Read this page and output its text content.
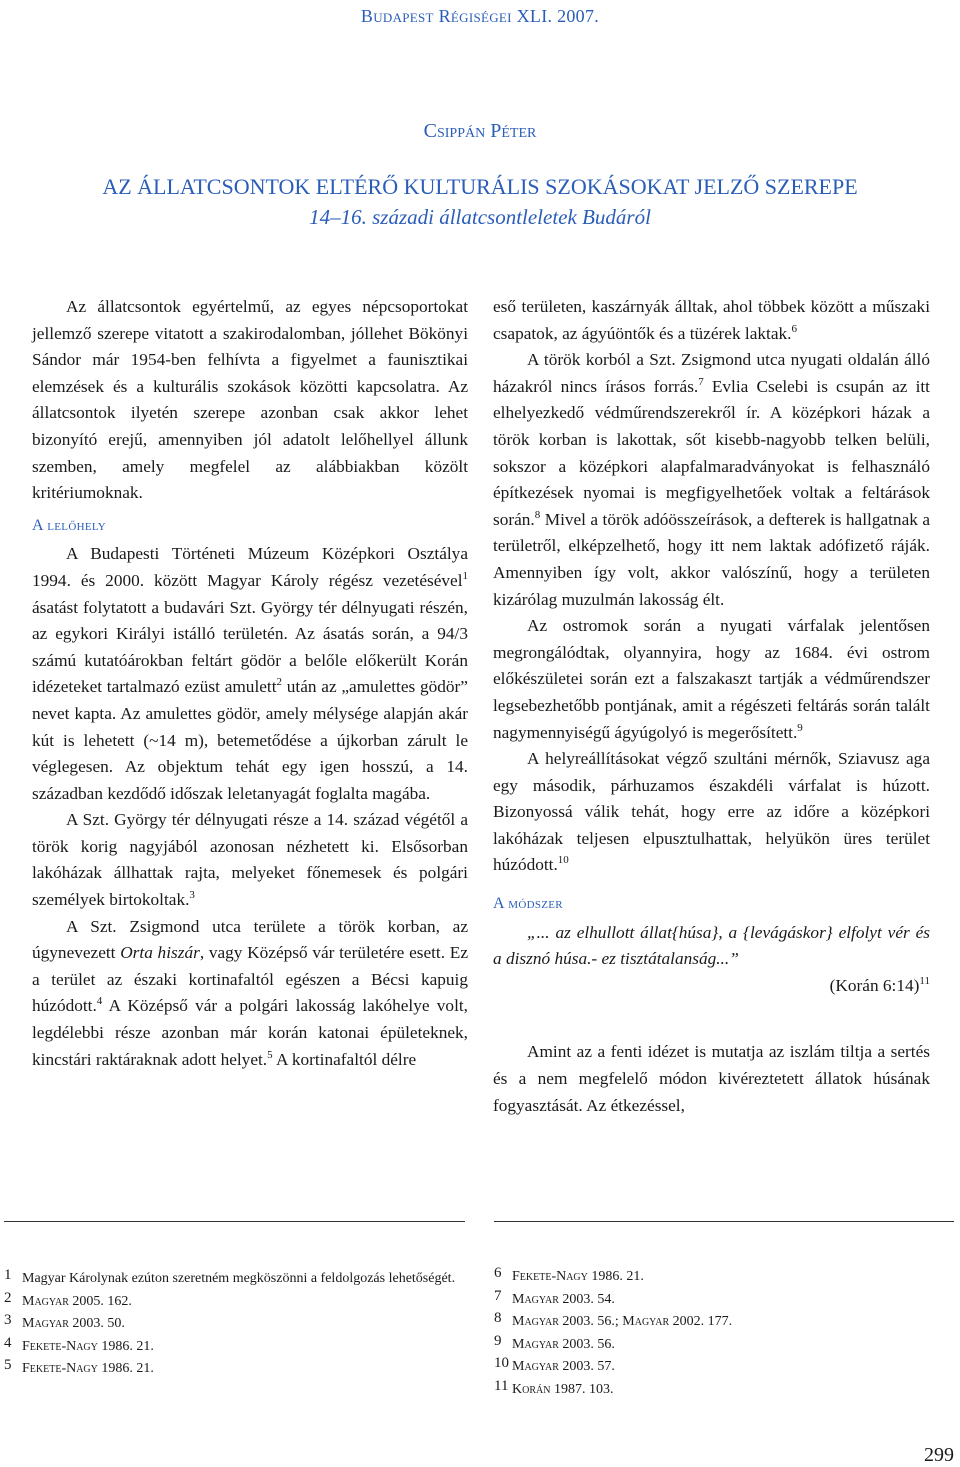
Budapest Régiségei XLI. 2007.
Csippán Péter
AZ ÁLLATCSONTOK ELTÉRŐ KULTURÁLIS SZOKÁSOKAT JELZŐ SZEREPE
14–16. századi állatcsontleletek Budáról

Az állatcsontok egyértelmű, az egyes népcsoportokat jellemző szerepe vitatott a szakirodalomban, jóllehet Bökönyi Sándor már 1954-ben felhívta a figyelmet a faunisztikai elemzések és a kulturális szokások közötti kapcsolatra. Az állatcsontok ilyetén szerepe azonban csak akkor lehet bizonyító erejű, amennyiben jól adatolt lelőhellyel állunk szemben, amely megfelel az alábbiakban közölt kritériumoknak.

A lelőhely

A Budapesti Történeti Múzeum Középkori Osztálya 1994. és 2000. között Magyar Károly régész vezetésével$^1$ ásatást folytatott a budavári Szt. György tér délnyugati részén, az egykori Királyi istálló területén. Az ásatás során, a 94/3 számú kutatóárokban feltárt gödör a belőle előkerült Korán idézeteket tartalmazó ezüst amulett$^2$ után az „amulettes gödör” nevet kapta. Az amulettes gödör, amely mélysége alapján akár kút is lehetett (~14 m), betemetődése a újkorban zárult le véglegesen. Az objektum tehát egy igen hosszú, a 14. században kezdődő időszak leletanyagát foglalta magába.

A Szt. György tér délnyugati része a 14. század végétől a török korig nagyjából azonosan nézhetett ki. Elsősorban lakóházak állhattak rajta, melyeket főnemesek és polgári személyek birtokoltak.$^3$

A Szt. Zsigmond utca területe a török korban, az úgynevezett Orta hiszár, vagy Középső vár területére esett. Ez a terület az északi kortinafaltól egészen a Bécsi kapuig húzódott.$^4$ A Középső vár a polgári lakosság lakóhelye volt, legdélebbi része azonban már korán katonai épületeknek, kincstári raktáraknak adott helyet.$^5$ A kortinafaltól délre

eső területen, kaszárnyák álltak, ahol többek között a műszaki csapatok, az ágyúöntők és a tüzérek laktak.$^6$

A török korból a Szt. Zsigmond utca nyugati oldalán álló házakról nincs írásos forrás.$^7$ Evlia Cselebi is csupán az itt elhelyezkedő védműrendszerekről ír. A középkori házak a török korban is lakottak, sőt kisebb-nagyobb telken belüli, sokszor a középkori alapfalmaradványokat is felhasználó építkezések nyomai is megfigyelhetőek voltak a feltárások során.$^8$ Mivel a török adóösszeírások, a defterek is hallgatnak a területről, elképzelhető, hogy itt nem laktak adófizető ráják. Amennyiben így volt, akkor valószínű, hogy a területen kizárólag muzulmán lakosság élt.

Az ostromok során a nyugati várfalak jelentősen megrongálódtak, olyannyira, hogy az 1684. évi ostrom előkészületei során ezt a falszakaszt tartják a védműrendszer legsebezhetőbb pontjának, amit a régészeti feltárás során talált nagymennyiségű ágyúgolyó is megerősített.$^9$

A helyreállításokat végző szultáni mérnők, Sziavusz aga egy második, párhuzamos északdéli várfalat is húzott. Bizonyossá válik tehát, hogy erre az időre a középkori lakóházak teljesen elpusztulhattak, helyükön üres terület húzódott.$^{10}$

A módszer

„... az elhullott állat{húsa}, a {levágáskor} elfolyt vér és a disznó húsa.- ez tisztátalanság...”

(Korán 6:14)$^{11}$

Amint az a fenti idézet is mutatja az iszlám tiltja a sertés és a nem megfelelő módon kivéreztetett állatok húsának fogyasztását. Az étkezéssel,

1 Magyar Károlynak ezúton szeretném megköszönni a feldolgozás lehetőségét.
2 Magyar 2005. 162.
3 Magyar 2003. 50.
4 Fekete-Nagy 1986. 21.
5 Fekete-Nagy 1986. 21.
6 Fekete-Nagy 1986. 21.
7 Magyar 2003. 54.
8 Magyar 2003. 56.; Magyar 2002. 177.
9 Magyar 2003. 56.
10 Magyar 2003. 57.
11 Korán 1987. 103.
299
